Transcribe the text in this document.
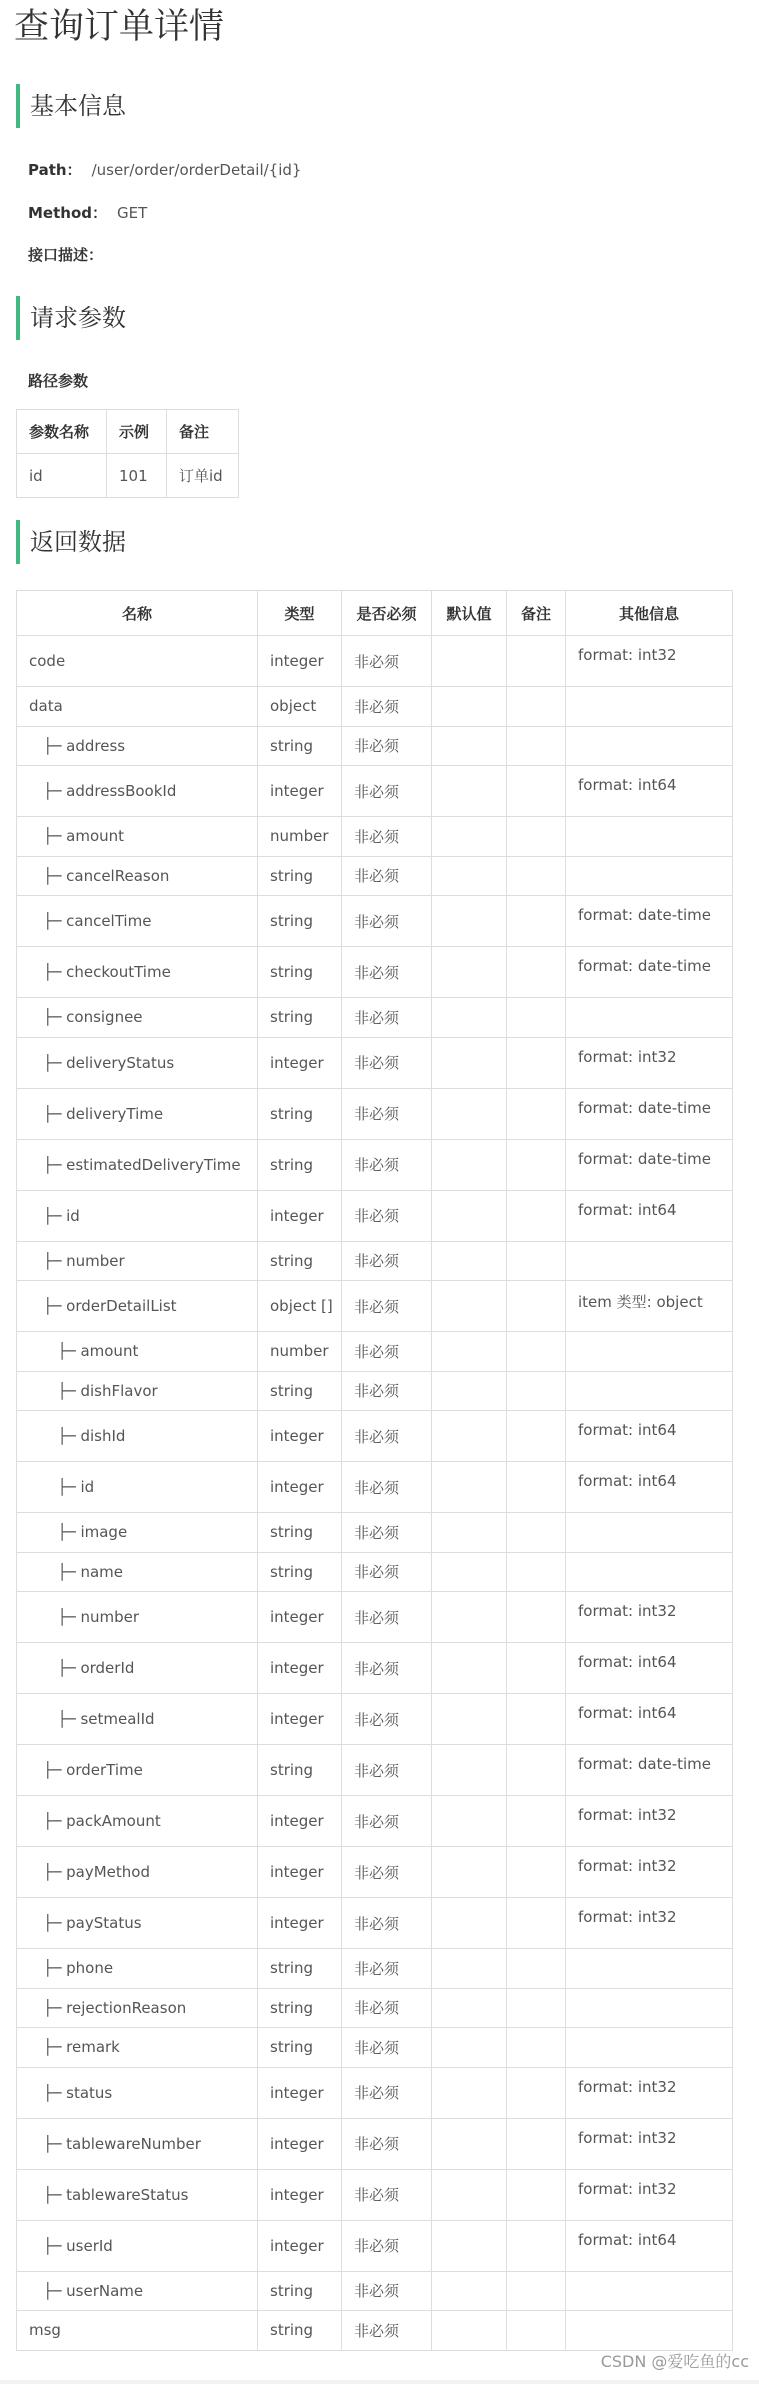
查询订单详情
基本信息
Path： /user/order/orderDetail/{id}
Method： GET
接口描述：
请求参数
路径参数
参数名称	示例	备注
id	101	订单id
返回数据
名称	类型	是否必须	默认值	备注	其他信息
code	integer	非必须			format: int32
data	object	非必须			
├─ address	string	非必须			
├─ addressBookId	integer	非必须			format: int64
├─ amount	number	非必须			
├─ cancelReason	string	非必须			
├─ cancelTime	string	非必须			format: date-time
├─ checkoutTime	string	非必须			format: date-time
├─ consignee	string	非必须			
├─ deliveryStatus	integer	非必须			format: int32
├─ deliveryTime	string	非必须			format: date-time
├─ estimatedDeliveryTime	string	非必须			format: date-time
├─ id	integer	非必须			format: int64
├─ number	string	非必须			
├─ orderDetailList	object []	非必须			item 类型: object
├─ amount	number	非必须			
├─ dishFlavor	string	非必须			
├─ dishId	integer	非必须			format: int64
├─ id	integer	非必须			format: int64
├─ image	string	非必须			
├─ name	string	非必须			
├─ number	integer	非必须			format: int32
├─ orderId	integer	非必须			format: int64
├─ setmealId	integer	非必须			format: int64
├─ orderTime	string	非必须			format: date-time
├─ packAmount	integer	非必须			format: int32
├─ payMethod	integer	非必须			format: int32
├─ payStatus	integer	非必须			format: int32
├─ phone	string	非必须			
├─ rejectionReason	string	非必须			
├─ remark	string	非必须			
├─ status	integer	非必须			format: int32
├─ tablewareNumber	integer	非必须			format: int32
├─ tablewareStatus	integer	非必须			format: int32
├─ userId	integer	非必须			format: int64
├─ userName	string	非必须			
msg	string	非必须			
CSDN @爱吃鱼的cc
